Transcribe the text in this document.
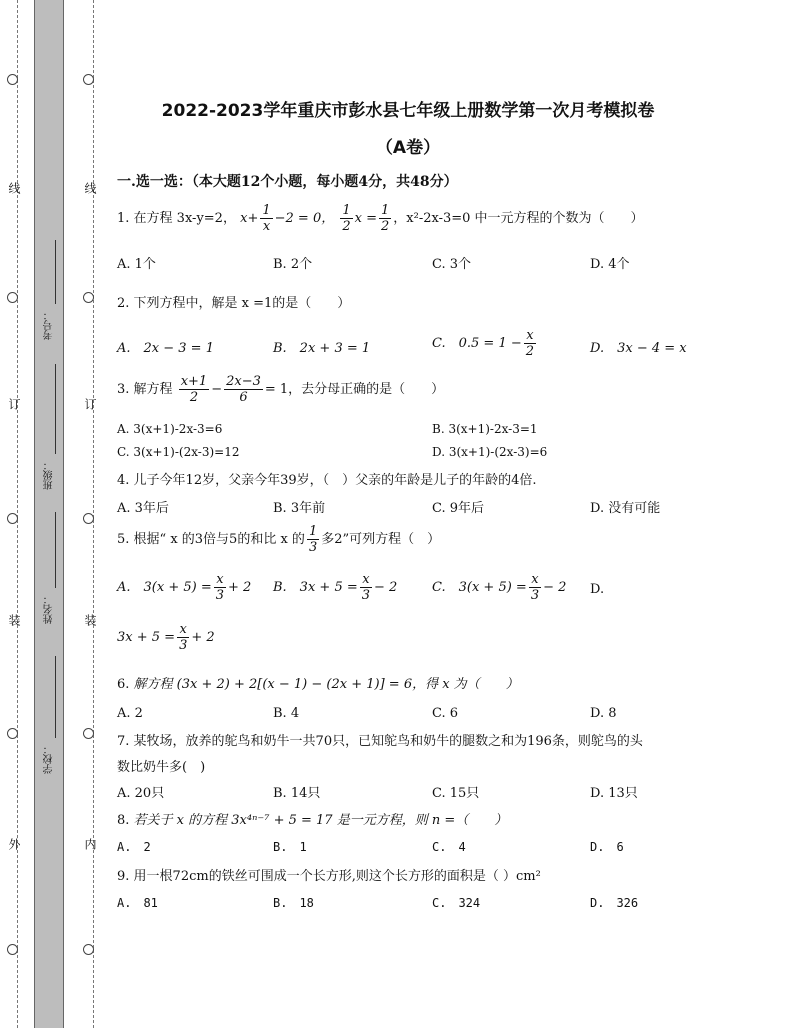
线
订
装
外
线
订
装
内
考号：
班级：
姓名：
学校：
2022-2023学年重庆市彭水县七年级上册数学第一次月考模拟卷
（A卷）
一.选一选：（本大题12个小题，每小题4分，共48分）
1. 在方程 3x-y=2， $x+ \frac{1}{x} -2 = 0$， $\frac{1}{2}$ $x = \frac{1}{2}$ ，x²-2x-3=0 中一元方程的个数为（　　）
A. 1个	B. 2个	C. 3个	D. 4个
2. 下列方程中，解是 x =1的是（　　）
A.　2x − 3 = 1	B.　2x + 3 = 1	C.　$0.5 = 1 - \frac{x}{2}$	D.　3x − 4 = x
3. 解方程 $\frac{x+1}{2} - \frac{2x-3}{6} = 1$，去分母正确的是（　　）
A. 3(x+1)-2x-3=6	B. 3(x+1)-2x-3=1
C. 3(x+1)-(2x-3)=12	D. 3(x+1)-(2x-3)=6
4. 儿子今年12岁，父亲今年39岁，（　）父亲的年龄是儿子的年龄的4倍.
A. 3年后	B. 3年前	C. 9年后	D. 没有可能
5. 根据“ x 的3倍与5的和比 x 的 $\frac{1}{3}$ 多2”可列方程（　）
A.　$3(x + 5) = \frac{x}{3} + 2$ B.　$3x + 5 = \frac{x}{3} - 2$	C.　$3(x + 5) = \frac{x}{3} - 2$ D.
$3x + 5 = \frac{x}{3} + 2$
6. 解方程 (3x + 2) + 2[(x − 1) − (2x + 1)] = 6，得 x 为（　　）
A. 2	B. 4	C. 6	D. 8
7. 某牧场，放养的鸵鸟和奶牛一共70只，已知鸵鸟和奶牛的腿数之和为196条，则鸵鸟的头
数比奶牛多(　)
A. 20只	B. 14只	C. 15只	D. 13只
8. 若关于 x 的方程 3x⁴ⁿ⁻⁷ + 5 = 17 是一元方程，则 n =（　　）
A.　2	B.　1	C.　4	D.　6
9. 用一根72cm的铁丝可围成一个长方形,则这个长方形的面积是（ ）cm²
A.　81	B.　18	C.　324	D.　326
